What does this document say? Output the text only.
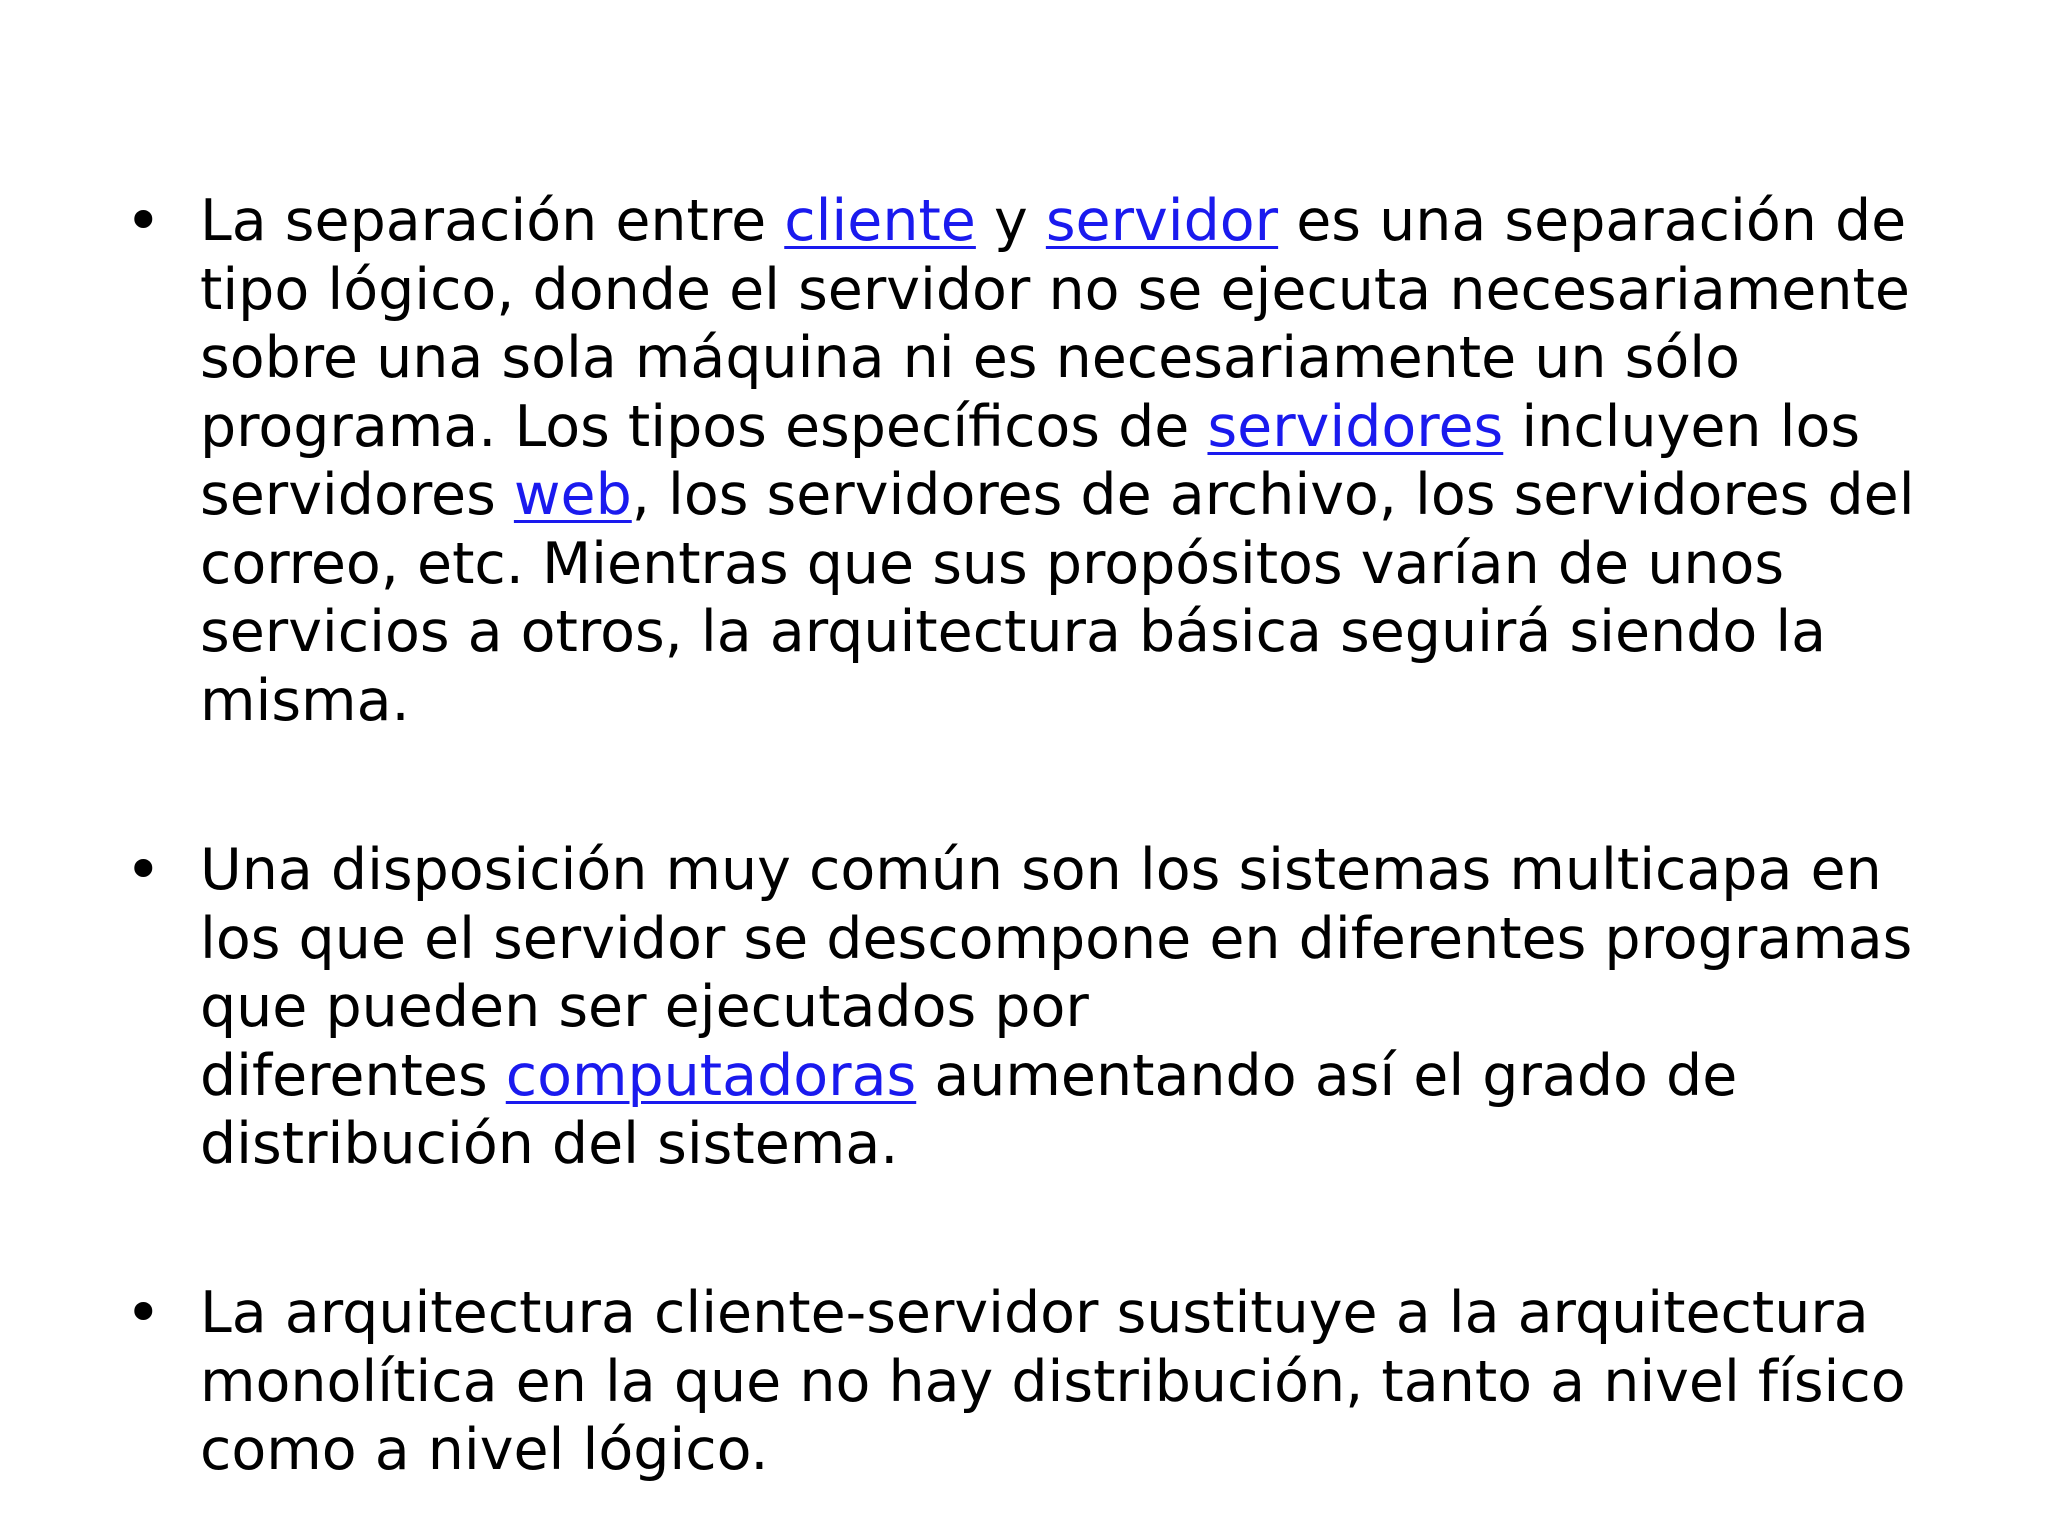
• La separación entre cliente y servidor es una separación de
tipo lógico, donde el servidor no se ejecuta necesariamente
sobre una sola máquina ni es necesariamente un sólo
programa. Los tipos específicos de servidores incluyen los
servidores web, los servidores de archivo, los servidores del
correo, etc. Mientras que sus propósitos varían de unos
servicios a otros, la arquitectura básica seguirá siendo la
misma.
• Una disposición muy común son los sistemas multicapa en
los que el servidor se descompone en diferentes programas
que pueden ser ejecutados por
diferentes computadoras aumentando así el grado de
distribución del sistema.
• La arquitectura cliente-servidor sustituye a la arquitectura
monolítica en la que no hay distribución, tanto a nivel físico
como a nivel lógico.
